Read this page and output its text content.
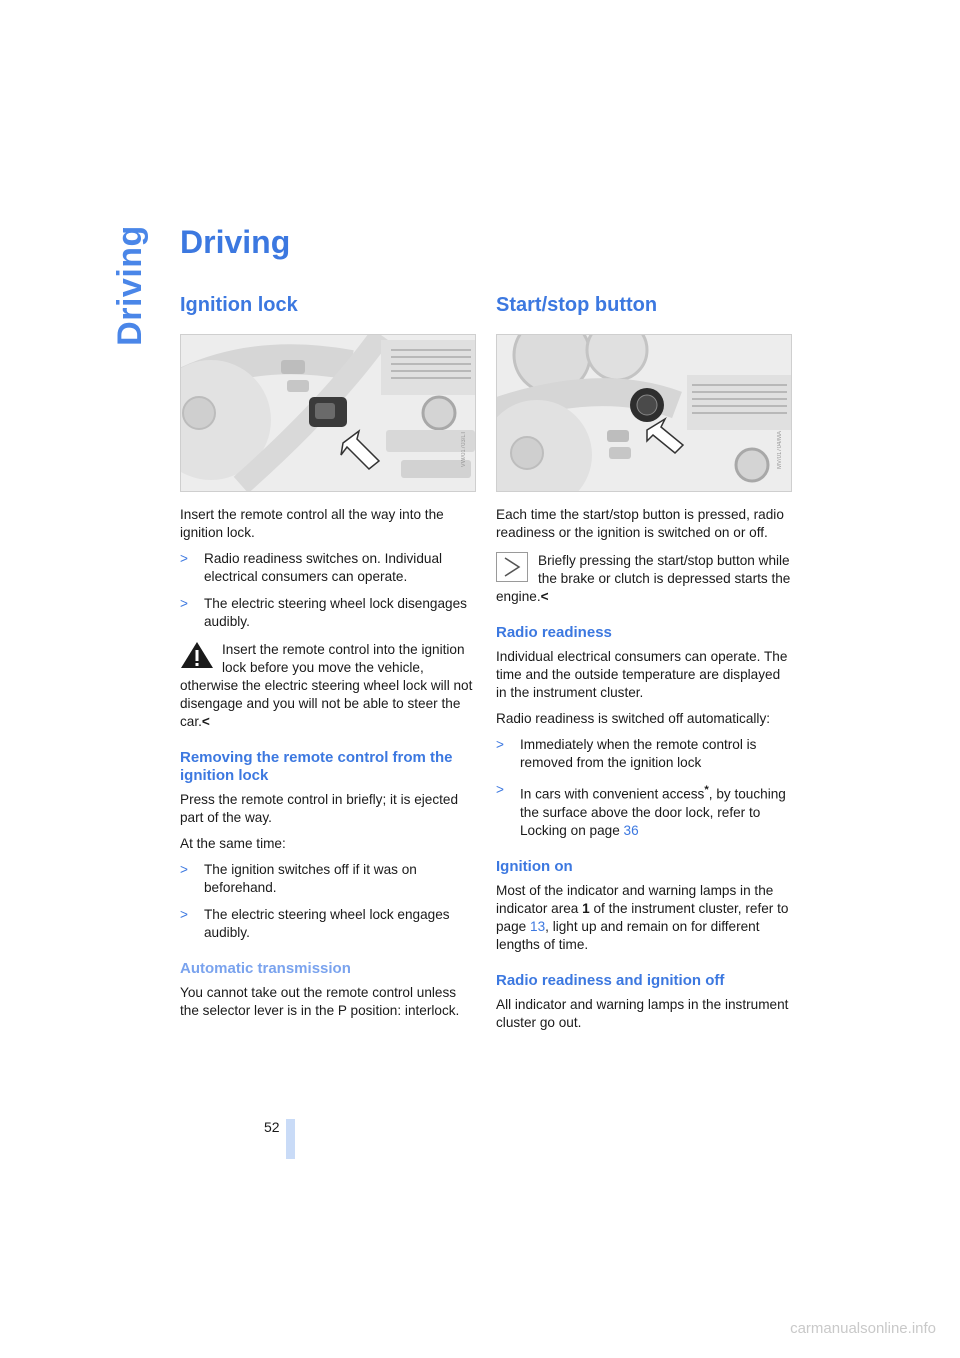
Driving Driving
Ignition lock
VW/01703/LT

Insert the remote control all the way into the ignition lock.

>	Radio readiness switches on. Individual electrical consumers can operate.
>	The electric steering wheel lock disengages audibly.
Insert the remote control into the ignition lock before you move the vehicle, otherwise the electric steering wheel lock will not disengage and you will not be able to steer the car.<
Removing the remote control from the ignition lock

Press the remote control in briefly; it is ejected part of the way.

At the same time:

>	The ignition switches off if it was on beforehand.
>	The electric steering wheel lock engages audibly.
Automatic transmission

You cannot take out the remote control unless the selector lever is in the P position: interlock.

Start/stop button
MV/01704/MA

Each time the start/stop button is pressed, radio readiness or the ignition is switched on or off.

Briefly pressing the start/stop button while the brake or clutch is depressed starts the engine.<
Radio readiness

Individual electrical consumers can operate. The time and the outside temperature are displayed in the instrument cluster.

Radio readiness is switched off automatically:

>	Immediately when the remote control is removed from the ignition lock
>	In cars with convenient access*, by touching the surface above the door lock, refer to Locking on page 36
Ignition on

Most of the indicator and warning lamps in the indicator area 1 of the instrument cluster, refer to page 13, light up and remain on for different lengths of time.

Radio readiness and ignition off

All indicator and warning lamps in the instrument cluster go out.

52
carmanualsonline.info
